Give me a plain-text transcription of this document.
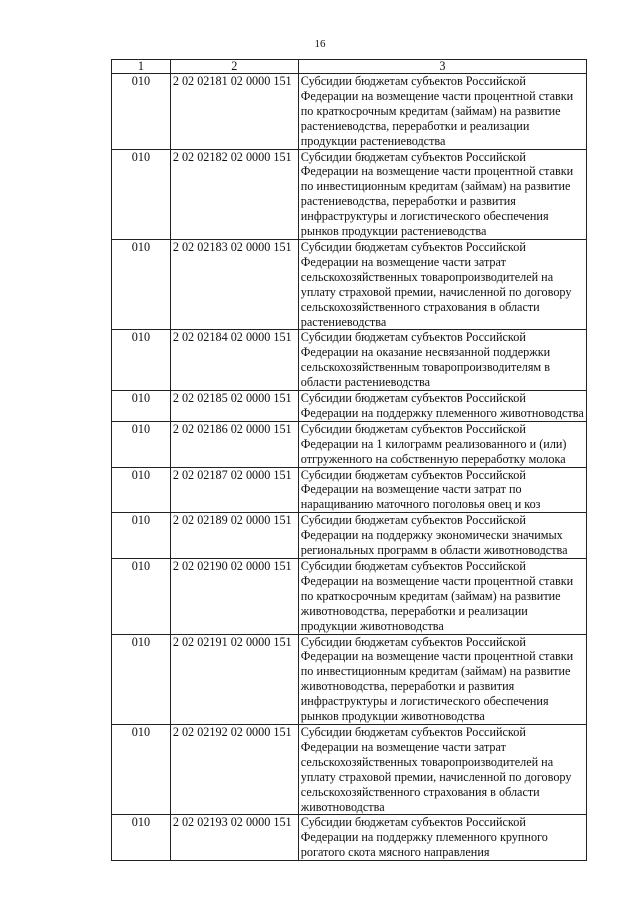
16
1	2	3
010	2 02 02181 02 0000 151	Субсидии бюджетам субъектов Российской Федерации на возмещение части процентной ставки по краткосрочным кредитам (займам) на развитие растениеводства, переработки и реализации продукции растениеводства
010	2 02 02182 02 0000 151	Субсидии бюджетам субъектов Российской Федерации на возмещение части процентной ставки по инвестиционным кредитам (займам) на развитие растениеводства, переработки и развития инфраструктуры и логистического обеспечения рынков продукции растениеводства
010	2 02 02183 02 0000 151	Субсидии бюджетам субъектов Российской Федерации на возмещение части затрат сельскохозяйственных товаропроизводителей на уплату страховой премии, начисленной по договору сельскохозяйственного страхования в области растениеводства
010	2 02 02184 02 0000 151	Субсидии бюджетам субъектов Российской Федерации на оказание несвязанной поддержки сельскохозяйственным товаропроизводителям в области растениеводства
010	2 02 02185 02 0000 151	Субсидии бюджетам субъектов Российской Федерации на поддержку племенного животноводства
010	2 02 02186 02 0000 151	Субсидии бюджетам субъектов Российской Федерации на 1 килограмм реализованного и (или) отгруженного на собственную переработку молока
010	2 02 02187 02 0000 151	Субсидии бюджетам субъектов Российской Федерации на возмещение части затрат по наращиванию маточного поголовья овец и коз
010	2 02 02189 02 0000 151	Субсидии бюджетам субъектов Российской Федерации на поддержку экономически значимых региональных программ в области животноводства
010	2 02 02190 02 0000 151	Субсидии бюджетам субъектов Российской Федерации на возмещение части процентной ставки по краткосрочным кредитам (займам) на развитие животноводства, переработки и реализации продукции животноводства
010	2 02 02191 02 0000 151	Субсидии бюджетам субъектов Российской Федерации на возмещение части процентной ставки по инвестиционным кредитам (займам) на развитие животноводства, переработки и развития инфраструктуры и логистического обеспечения рынков продукции животноводства
010	2 02 02192 02 0000 151	Субсидии бюджетам субъектов Российской Федерации на возмещение части затрат сельскохозяйственных товаропроизводителей на уплату страховой премии, начисленной по договору сельскохозяйственного страхования в области животноводства
010	2 02 02193 02 0000 151	Субсидии бюджетам субъектов Российской Федерации на поддержку племенного крупного рогатого скота мясного направления
